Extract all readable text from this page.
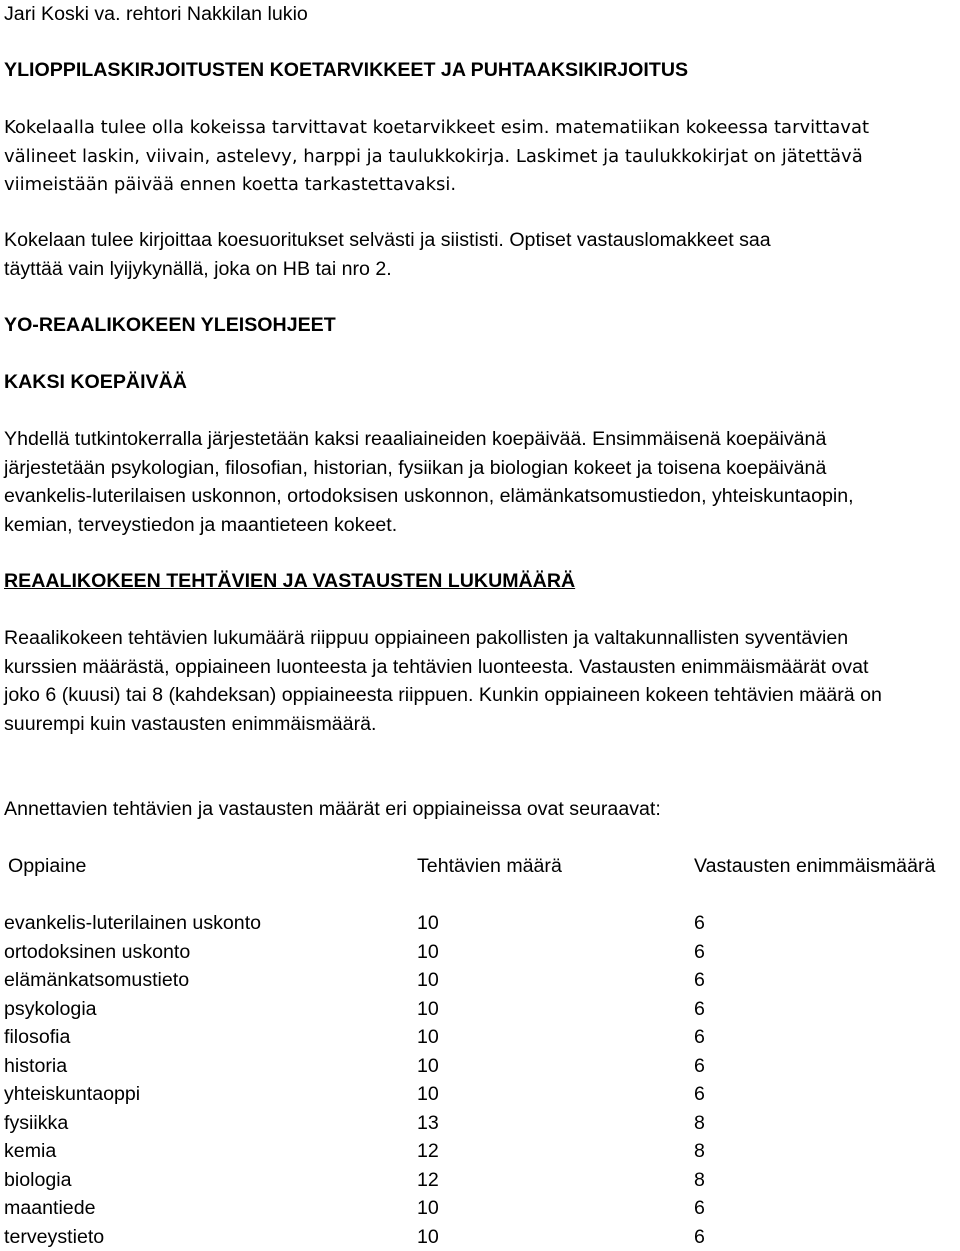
Jari Koski va. rehtori Nakkilan lukio
YLIOPPILASKIRJOITUSTEN KOETARVIKKEET JA PUHTAAKSIKIRJOITUS
Kokelaalla tulee olla kokeissa tarvittavat koetarvikkeet esim. matematiikan kokeessa tarvittavat
välineet laskin, viivain, astelevy, harppi ja taulukkokirja. Laskimet ja taulukkokirjat on jätettävä
viimeistään päivää ennen koetta tarkastettavaksi.
Kokelaan tulee kirjoittaa koesuoritukset selvästi ja siististi. Optiset vastauslomakkeet saa
täyttää vain lyijykynällä, joka on HB tai nro 2.
YO-REAALIKOKEEN YLEISOHJEET
KAKSI KOEPÄIVÄÄ
Yhdellä tutkintokerralla järjestetään kaksi reaaliaineiden koepäivää. Ensimmäisenä koepäivänä
järjestetään psykologian, filosofian, historian, fysiikan ja biologian kokeet ja toisena koepäivänä
evankelis-luterilaisen uskonnon, ortodoksisen uskonnon, elämänkatsomustiedon, yhteiskuntaopin,
kemian, terveystiedon ja maantieteen kokeet.
REAALIKOKEEN TEHTÄVIEN JA VASTAUSTEN LUKUMÄÄRÄ
Reaalikokeen tehtävien lukumäärä riippuu oppiaineen pakollisten ja valtakunnallisten syventävien
kurssien määrästä, oppiaineen luonteesta ja tehtävien luonteesta. Vastausten enimmäismäärät ovat
joko 6 (kuusi) tai 8 (kahdeksan) oppiaineesta riippuen. Kunkin oppiaineen kokeen tehtävien määrä on
suurempi kuin vastausten enimmäismäärä.
Annettavien tehtävien ja vastausten määrät eri oppiaineissa ovat seuraavat:
Oppiaine	Tehtävien määrä	Vastausten enimmäismäärä
evankelis-luterilainen uskonto	10	6
ortodoksinen uskonto	10	6
elämänkatsomustieto	10	6
psykologia	10	6
filosofia	10	6
historia	10	6
yhteiskuntaoppi	10	6
fysiikka	13	8
kemia	12	8
biologia	12	8
maantiede	10	6
terveystieto	10	6
